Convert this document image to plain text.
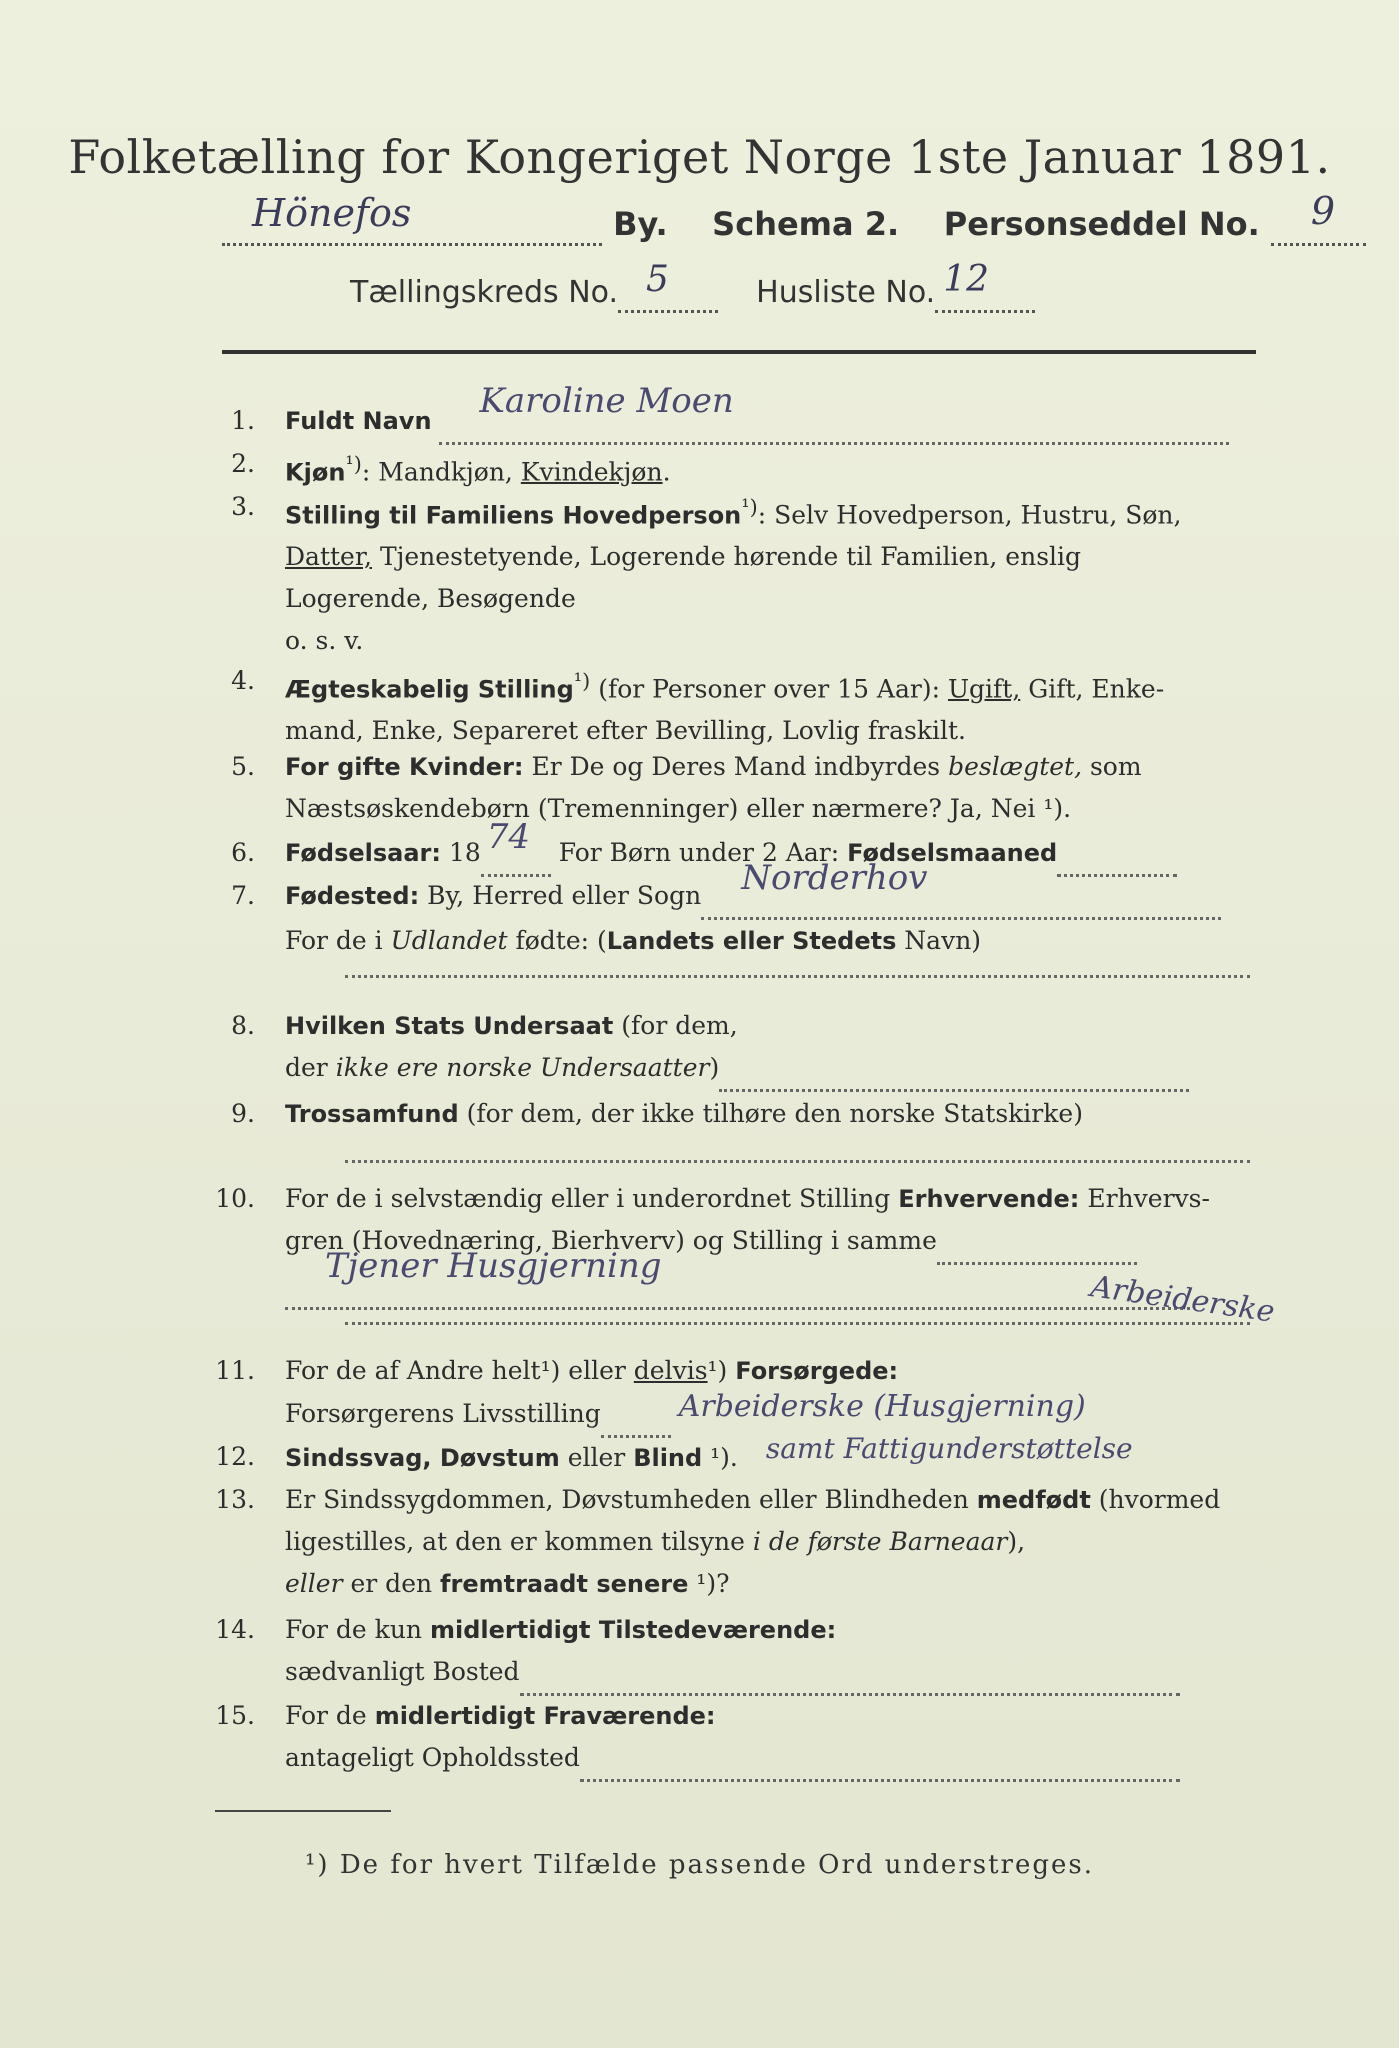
Folketælling for Kongeriget Norge 1ste Januar 1891.
Hönefos	By. Schema 2. Personseddel No. 9

Tællingskreds No. 5	Husliste No. 12

1. Fuldt Navn Karoline Moen

2. Kjøn$^{^1)}$: Mandkjøn, Kvindekjøn.
3. Stilling til Familiens Hovedperson$^{^1)}$: Selv Hovedperson, Hustru, Søn,
Datter, Tjenestetyende, Logerende hørende til Familien, enslig
Logerende, Besøgende
o. s. v.
4. Ægteskabelig Stilling$^{^1)}$ (for Personer over 15 Aar): Ugift, Gift, Enke-
mand, Enke, Separeret efter Bevilling, Lovlig fraskilt.
5. For gifte Kvinder: Er De og Deres Mand indbyrdes beslægtet, som
Næstsøskendebørn (Tremenninger) eller nærmere? Ja, Nei ¹).
6. Fødselsaar: 18 74 For Børn under 2 Aar: Fødselsmaaned
7. Fødested: By, Herred eller Sogn Norderhov

For de i Udlandet fødte: (Landets eller Stedets Navn)
8. Hvilken Stats Undersaat (for dem,
der ikke ere norske Undersaatter)
9. Trossamfund (for dem, der ikke tilhøre den norske Statskirke)
10. For de i selvstændig eller i underordnet Stilling Erhvervende: Erhvervs-
gren (Hovednæring, Bierhverv) og Stilling i samme

Tjener Husgjerning

Arbeiderske
11. For de af Andre helt¹) eller delvis¹) Forsørgede:
Forsørgerens Livsstilling	Arbeiderske (Husgjerning)
12. Sindssvag, Døvstum eller Blind ¹). samt Fattigunderstøttelse
13. Er Sindssygdommen, Døvstumheden eller Blindheden medfødt (hvormed
ligestilles, at den er kommen tilsyne i de første Barneaar),
eller er den fremtraadt senere ¹)?
14. For de kun midlertidigt Tilstedeværende:
sædvanligt Bosted
15. For de midlertidigt Fraværende:
antageligt Opholdssted
¹) De for hvert Tilfælde passende Ord understreges.
